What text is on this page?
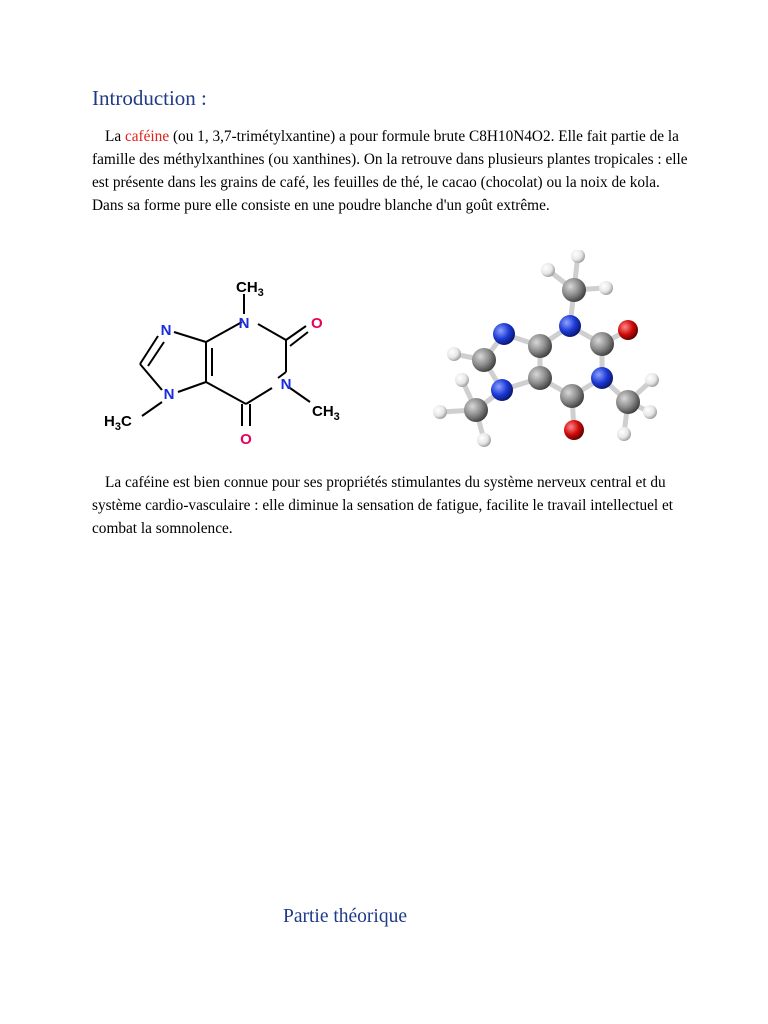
Introduction :

La caféine (ou 1, 3,7-trimétylxantine) a pour formule brute C8H10N4O2. Elle fait partie de la famille des méthylxanthines (ou xanthines). On la retrouve dans plusieurs plantes tropicales : elle est présente dans les grains de café, les feuilles de thé, le cacao (chocolat) ou la noix de kola. Dans sa forme pure elle consiste en une poudre blanche d'un goût extrême.

$CH_3$
N	O
N
N
N
$CH_3$
$H_3C$
O

La caféine est bien connue pour ses propriétés stimulantes du système nerveux central et du système cardio-vasculaire : elle diminue la sensation de fatigue, facilite le travail intellectuel et combat la somnolence.

Partie théorique
